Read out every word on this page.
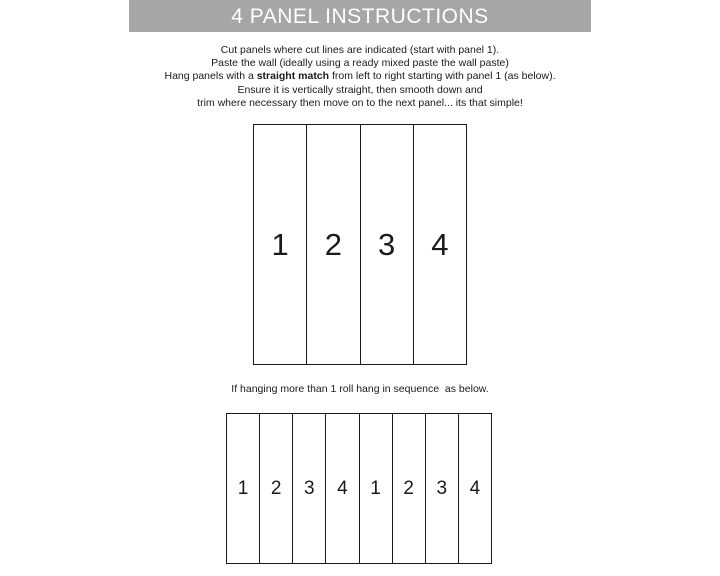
4 PANEL INSTRUCTIONS
Cut panels where cut lines are indicated (start with panel 1).
Paste the wall (ideally using a ready mixed paste the wall paste)
Hang panels with a straight match from left to right starting with panel 1 (as below).
Ensure it is vertically straight, then smooth down and
trim where necessary then move on to the next panel... its that simple!
1	2	3	4
If hanging more than 1 roll hang in sequence  as below.
1	2	3	4	1	2	3	4
